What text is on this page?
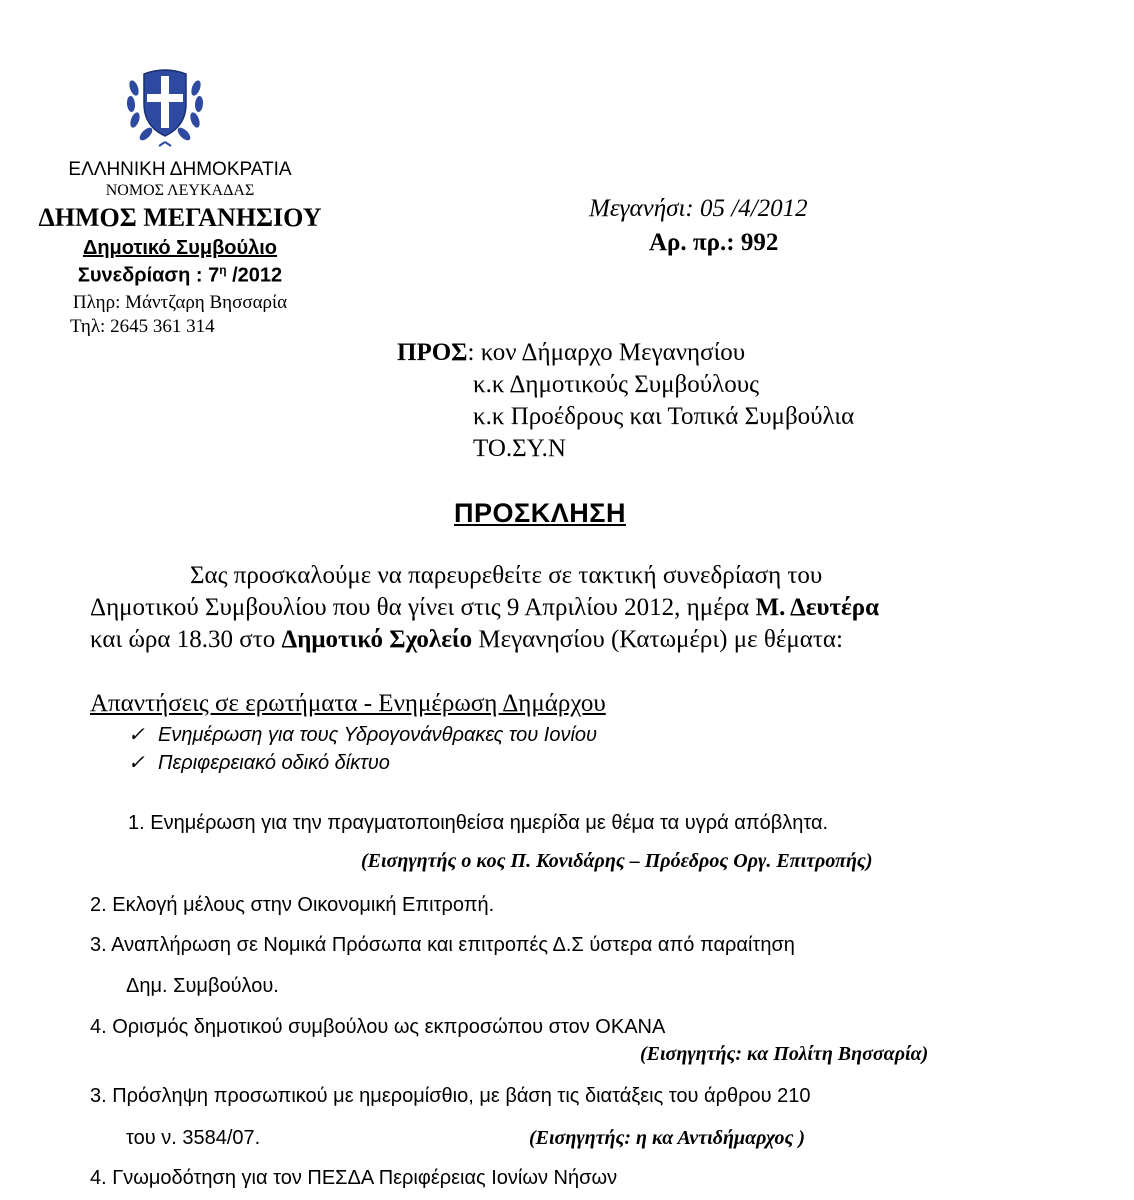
ΕΛΛΗΝΙΚΗ ΔΗΜΟΚΡΑΤΙΑ
ΝΟΜΟΣ ΛΕΥΚΑΔΑΣ
ΔΗΜΟΣ ΜΕΓΑΝΗΣΙΟΥ
Δημοτικό Συμβούλιο
Συνεδρίαση : $7^\eta$ /2012
Πληρ: Μάντζαρη Βησσαρία
Τηλ: 2645 361 314
Μεγανήσι: 05 /4/2012
Αρ. πρ.: 992
ΠΡΟΣ: κον Δήμαρχο Μεγανησίου
κ.κ Δημοτικούς Συμβούλους
κ.κ Προέδρους και Τοπικά Συμβούλια
ΤΟ.ΣΥ.Ν
ΠΡΟΣΚΛΗΣΗ
Σας προσκαλούμε να παρευρεθείτε σε τακτική συνεδρίαση του
Δημοτικού Συμβουλίου που θα γίνει στις 9 Απριλίου 2012, ημέρα Μ. Δευτέρα
και ώρα 18.30 στο Δημοτικό Σχολείο Μεγανησίου (Κατωμέρι) με θέματα:
Απαντήσεις σε ερωτήματα - Ενημέρωση Δημάρχου
✓ Ενημέρωση για τους Υδρογονάνθρακες του Ιονίου
✓ Περιφερειακό οδικό δίκτυο
1. Ενημέρωση για την πραγματοποιηθείσα ημερίδα με θέμα τα υγρά απόβλητα.
(Εισηγητής ο κος Π. Κονιδάρης – Πρόεδρος Οργ. Επιτροπής)
2. Εκλογή μέλους στην Οικονομική Επιτροπή.
3. Αναπλήρωση σε Νομικά Πρόσωπα και επιτροπές Δ.Σ ύστερα από παραίτηση
Δημ. Συμβούλου.
4. Ορισμός δημοτικού συμβούλου ως εκπροσώπου στον ΟΚΑΝΑ
(Εισηγητής: κα Πολίτη Βησσαρία)
3. Πρόσληψη προσωπικού με ημερομίσθιο, με βάση τις διατάξεις του άρθρου 210
του ν. 3584/07.	(Εισηγητής: η κα Αντιδήμαρχος )
4. Γνωμοδότηση για τον ΠΕΣΔΑ Περιφέρειας Ιονίων Νήσων
